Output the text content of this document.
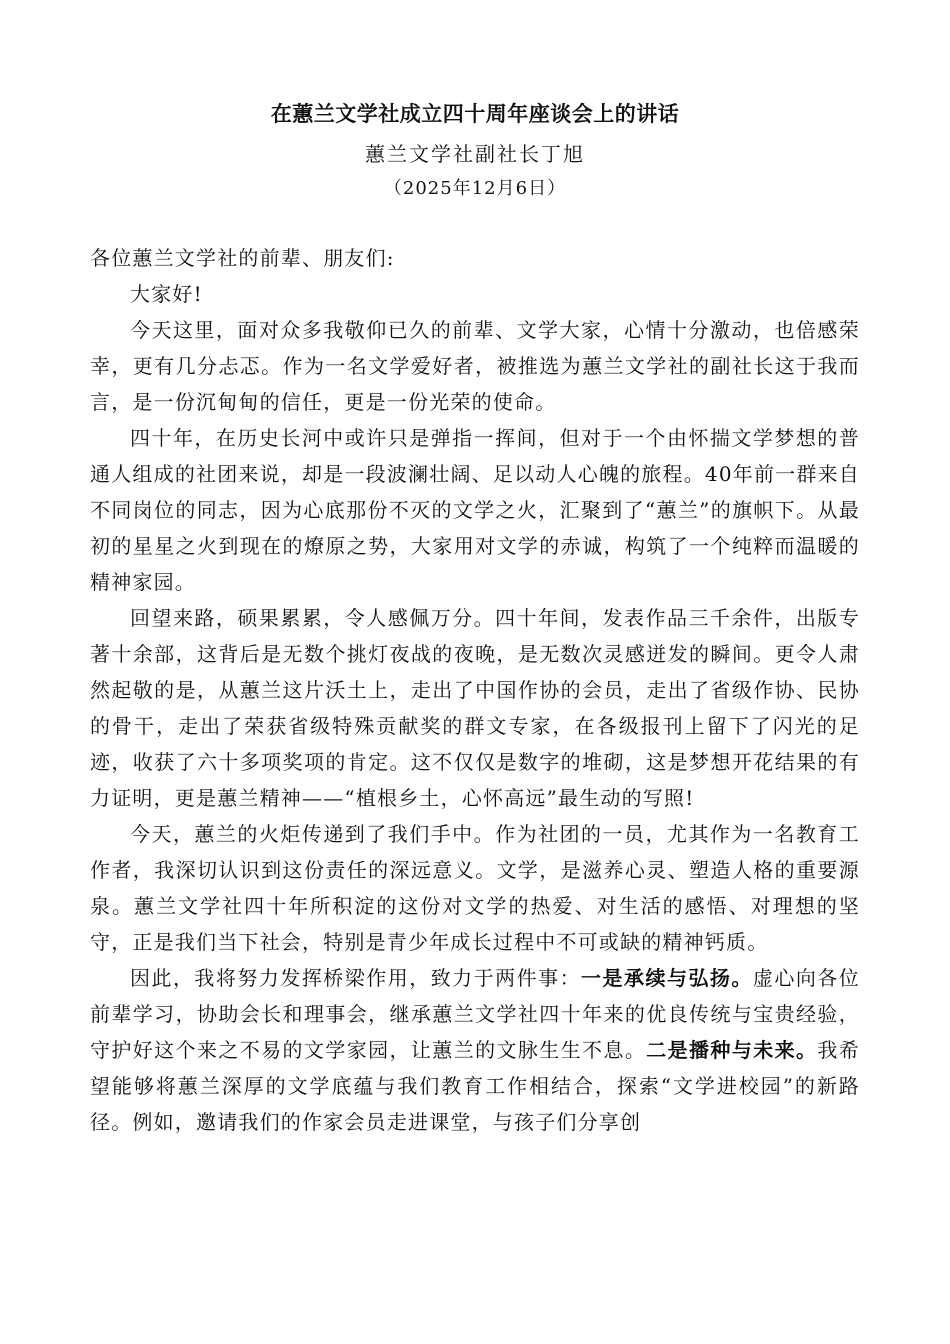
在蕙兰文学社成立四十周年座谈会上的讲话
蕙兰文学社副社长丁旭
（2025年12月6日）

各位蕙兰文学社的前辈、朋友们:

大家好!

今天这里，面对众多我敬仰已久的前辈、文学大家，心情十分激动，也倍感荣幸，更有几分忐忑。作为一名文学爱好者，被推选为蕙兰文学社的副社长这于我而言，是一份沉甸甸的信任，更是一份光荣的使命。

四十年，在历史长河中或许只是弹指一挥间，但对于一个由怀揣文学梦想的普通人组成的社团来说，却是一段波澜壮阔、足以动人心魄的旅程。40年前一群来自不同岗位的同志，因为心底那份不灭的文学之火，汇聚到了“蕙兰”的旗帜下。从最初的星星之火到现在的燎原之势，大家用对文学的赤诚，构筑了一个纯粹而温暖的精神家园。

回望来路，硕果累累，令人感佩万分。四十年间，发表作品三千余件，出版专著十余部，这背后是无数个挑灯夜战的夜晚，是无数次灵感迸发的瞬间。更令人肃然起敬的是，从蕙兰这片沃土上，走出了中国作协的会员，走出了省级作协、民协的骨干，走出了荣获省级特殊贡献奖的群文专家，在各级报刊上留下了闪光的足迹，收获了六十多项奖项的肯定。这不仅仅是数字的堆砌，这是梦想开花结果的有力证明，更是蕙兰精神——“植根乡土，心怀高远”最生动的写照!

今天，蕙兰的火炬传递到了我们手中。作为社团的一员，尤其作为一名教育工作者，我深切认识到这份责任的深远意义。文学，是滋养心灵、塑造人格的重要源泉。蕙兰文学社四十年所积淀的这份对文学的热爱、对生活的感悟、对理想的坚守，正是我们当下社会，特别是青少年成长过程中不可或缺的精神钙质。

因此，我将努力发挥桥梁作用，致力于两件事：一是承续与弘扬。虚心向各位前辈学习，协助会长和理事会，继承蕙兰文学社四十年来的优良传统与宝贵经验，守护好这个来之不易的文学家园，让蕙兰的文脉生生不息。二是播种与未来。我希望能够将蕙兰深厚的文学底蕴与我们教育工作相结合，探索“文学进校园”的新路径。例如，邀请我们的作家会员走进课堂，与孩子们分享创
